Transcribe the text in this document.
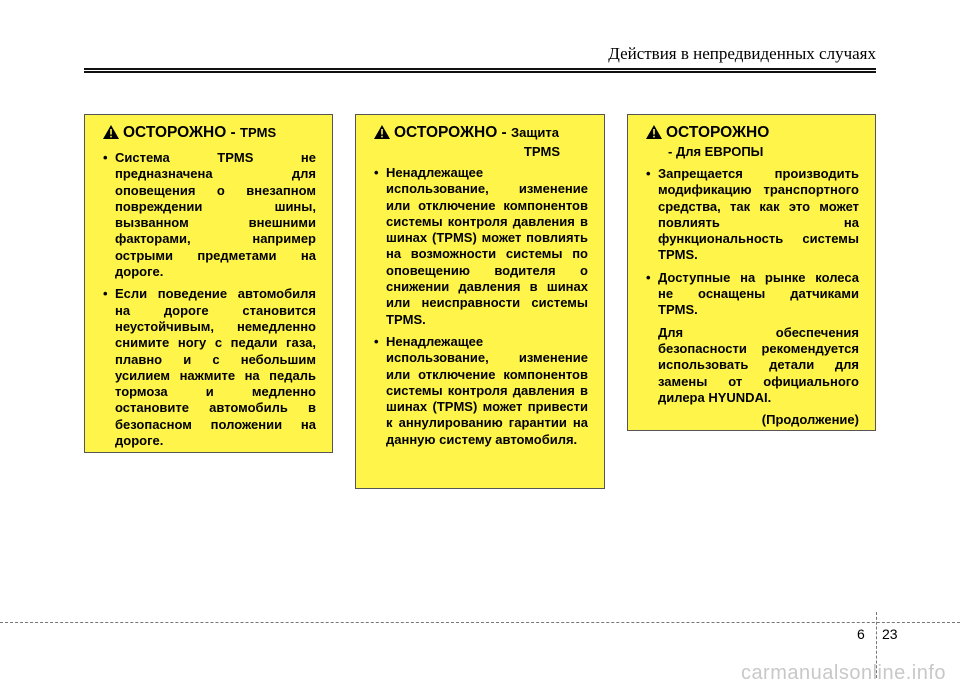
Действия в непредвиденных случаях
ОСТОРОЖНО - TPMS
• Система TPMS не предназначена для оповещения о внезапном повреждении шины, вызванном внешними факторами, например острыми предметами на дороге.
• Если поведение автомобиля на дороге становится неустойчивым, немедленно снимите ногу с педали газа, плавно и с небольшим усилием нажмите на педаль тормоза и медленно остановите автомобиль в безопасном положении на дороге.
ОСТОРОЖНО - Защита
TPMS
• Ненадлежащее использование, изменение или отключение компонентов системы контроля давления в шинах (TPMS) может повлиять на возможности системы по оповещению водителя о снижении давления в шинах или неисправности системы TPMS.
• Ненадлежащее использование, изменение или отключение компонентов системы контроля давления в шинах (TPMS) может привести к аннулированию гарантии на данную систему автомобиля.
ОСТОРОЖНО
- Для ЕВРОПЫ
• Запрещается производить модификацию транспортного средства, так как это может повлиять на функциональность системы TPMS.
• Доступные на рынке колеса не оснащены датчиками TPMS.
Для обеспечения безопасности рекомендуется использовать детали для замены от официального дилера HYUNDAI.
(Продолжение)
6 23
carmanualsonline.info
